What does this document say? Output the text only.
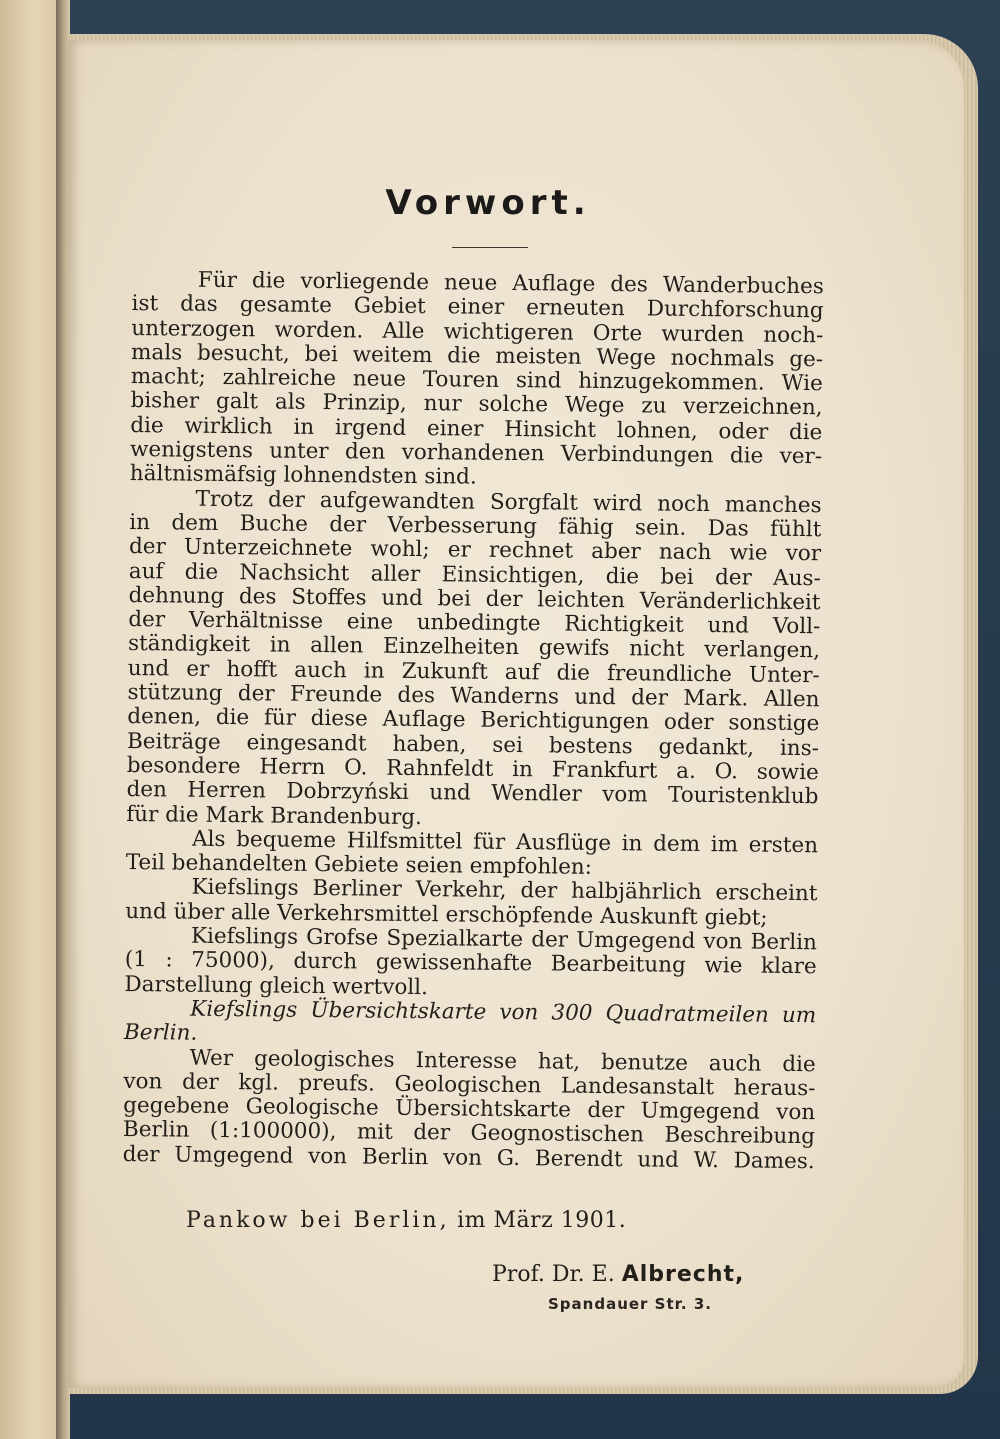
Vorwort.

Für die vorliegende neue Auflage des Wanderbuches
ist das gesamte Gebiet einer erneuten Durchforschung
unterzogen worden. Alle wichtigeren Orte wurden noch-
mals besucht, bei weitem die meisten Wege nochmals ge-
macht; zahlreiche neue Touren sind hinzugekommen. Wie
bisher galt als Prinzip, nur solche Wege zu verzeichnen,
die wirklich in irgend einer Hinsicht lohnen, oder die
wenigstens unter den vorhandenen Verbindungen die ver-
hältnismäfsig lohnendsten sind.

Trotz der aufgewandten Sorgfalt wird noch manches
in dem Buche der Verbesserung fähig sein. Das fühlt
der Unterzeichnete wohl; er rechnet aber nach wie vor
auf die Nachsicht aller Einsichtigen, die bei der Aus-
dehnung des Stoffes und bei der leichten Veränderlichkeit
der Verhältnisse eine unbedingte Richtigkeit und Voll-
ständigkeit in allen Einzelheiten gewifs nicht verlangen,
und er hofft auch in Zukunft auf die freundliche Unter-
stützung der Freunde des Wanderns und der Mark. Allen
denen, die für diese Auflage Berichtigungen oder sonstige
Beiträge eingesandt haben, sei bestens gedankt, ins-
besondere Herrn O. Rahnfeldt in Frankfurt a. O. sowie
den Herren Dobrzyński und Wendler vom Touristenklub
für die Mark Brandenburg.

Als bequeme Hilfsmittel für Ausflüge in dem im ersten
Teil behandelten Gebiete seien empfohlen:

Kiefslings Berliner Verkehr, der halbjährlich erscheint
und über alle Verkehrsmittel erschöpfende Auskunft giebt;

Kiefslings Grofse Spezialkarte der Umgegend von Berlin
(1 : 75000), durch gewissenhafte Bearbeitung wie klare
Darstellung gleich wertvoll.

Kiefslings Übersichtskarte von 300 Quadratmeilen um
Berlin.

Wer geologisches Interesse hat, benutze auch die
von der kgl. preufs. Geologischen Landesanstalt heraus-
gegebene Geologische Übersichtskarte der Umgegend von
Berlin (1:100000), mit der Geognostischen Beschreibung
der Umgegend von Berlin von G. Berendt und W. Dames.

Pankow bei Berlin, im März 1901.
Prof. Dr. E. Albrecht,
Spandauer Str. 3.
